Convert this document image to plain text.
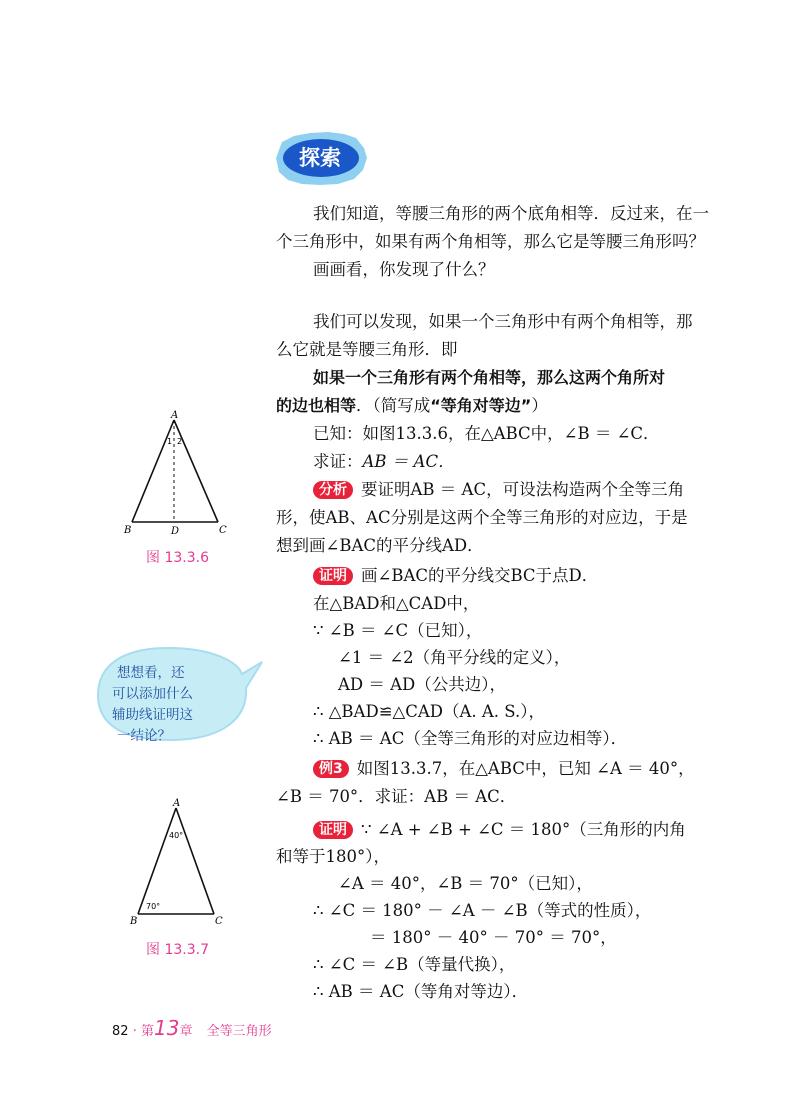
探索
我们知道，等腰三角形的两个底角相等．反过来，在一
个三角形中，如果有两个角相等，那么它是等腰三角形吗？
画画看，你发现了什么？
我们可以发现，如果一个三角形中有两个角相等，那
么它就是等腰三角形．即
如果一个三角形有两个角相等，那么这两个角所对
的边也相等．（简写成“等角对等边”）
已知：如图13.3.6，在△ABC中，∠B ＝ ∠C．
求证：AB ＝ AC．
分析 要证明AB ＝ AC，可设法构造两个全等三角
形，使AB、AC分别是这两个全等三角形的对应边，于是
想到画∠BAC的平分线AD．
证明 画∠BAC的平分线交BC于点D．
在△BAD和△CAD中，
∵ ∠B ＝ ∠C（已知），
∠1 ＝ ∠2（角平分线的定义），
AD ＝ AD（公共边），
∴ △BAD≌△CAD（A. A. S.），
∴ AB ＝ AC（全等三角形的对应边相等）．
例3 如图13.3.7，在△ABC中，已知 ∠A ＝ 40°，
∠B ＝ 70°．求证：AB ＝ AC．
证明 ∵ ∠A + ∠B + ∠C ＝ 180°（三角形的内角
和等于180°），
∠A ＝ 40°，∠B ＝ 70°（已知），
∴ ∠C ＝ 180° － ∠A － ∠B（等式的性质），
＝ 180° － 40° － 70° ＝ 70°，
∴ ∠C ＝ ∠B（等量代换），
∴ AB ＝ AC（等角对等边）．
A
B	C
D
1 2
图 13.3.6
想想看，还
可以添加什么
辅助线证明这
一结论？
A
B	C
40°
70°
图 13.3.7
82 · 第13章 全等三角形
